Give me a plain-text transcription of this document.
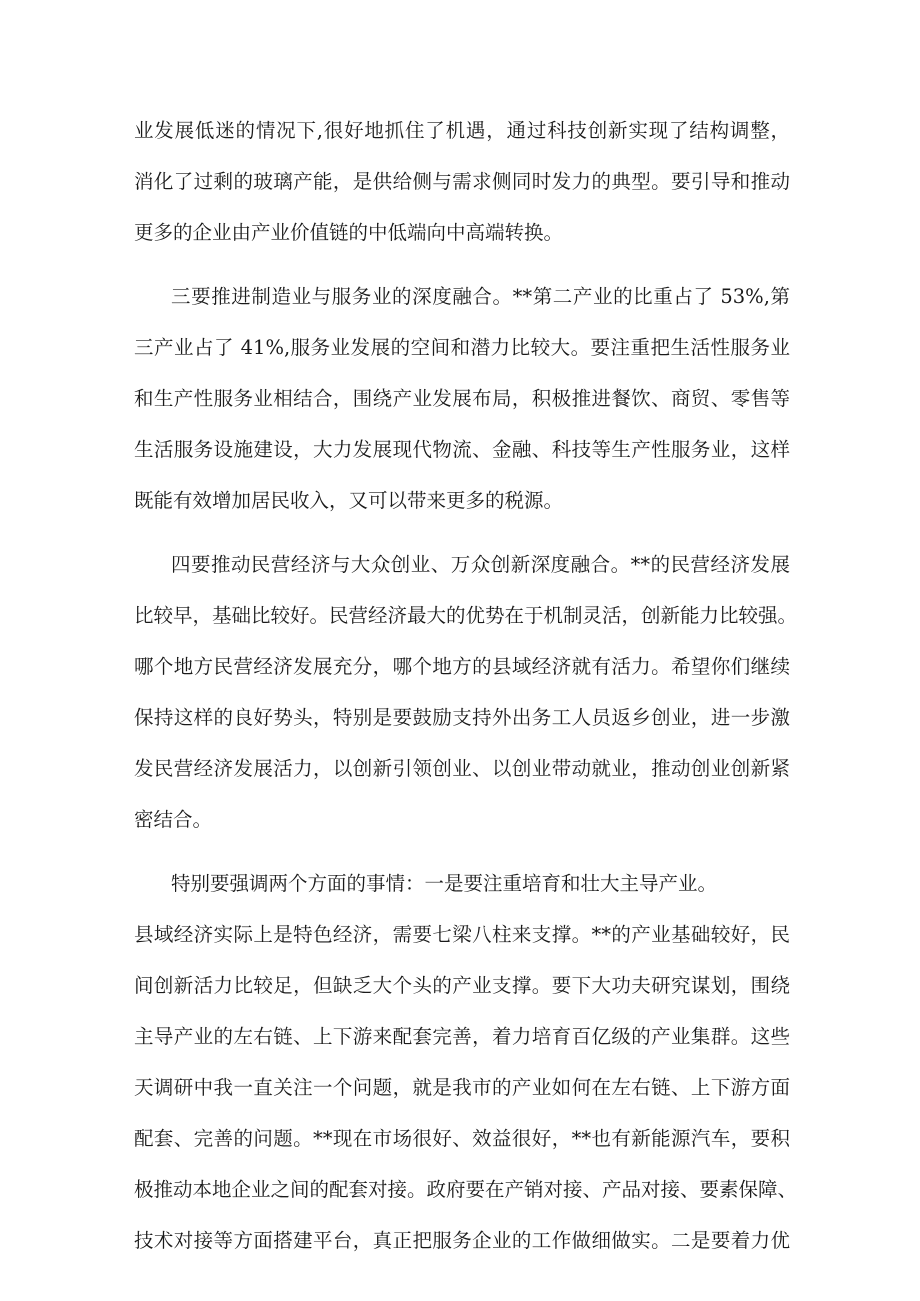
业发展低迷的情况下,很好地抓住了机遇，通过科技创新实现了结构调整，
消化了过剩的玻璃产能，是供给侧与需求侧同时发力的典型。要引导和推动
更多的企业由产业价值链的中低端向中高端转换。
三要推进制造业与服务业的深度融合。**第二产业的比重占了 53%,第
三产业占了 41%,服务业发展的空间和潜力比较大。要注重把生活性服务业
和生产性服务业相结合，围绕产业发展布局，积极推进餐饮、商贸、零售等
生活服务设施建设，大力发展现代物流、金融、科技等生产性服务业，这样
既能有效增加居民收入，又可以带来更多的税源。
四要推动民营经济与大众创业、万众创新深度融合。**的民营经济发展
比较早，基础比较好。民营经济最大的优势在于机制灵活，创新能力比较强。
哪个地方民营经济发展充分，哪个地方的县域经济就有活力。希望你们继续
保持这样的良好势头，特别是要鼓励支持外出务工人员返乡创业，进一步激
发民营经济发展活力，以创新引领创业、以创业带动就业，推动创业创新紧
密结合。
特别要强调两个方面的事情：一是要注重培育和壮大主导产业。
县域经济实际上是特色经济，需要七梁八柱来支撑。**的产业基础较好，民
间创新活力比较足，但缺乏大个头的产业支撑。要下大功夫研究谋划，围绕
主导产业的左右链、上下游来配套完善，着力培育百亿级的产业集群。这些
天调研中我一直关注一个问题，就是我市的产业如何在左右链、上下游方面
配套、完善的问题。**现在市场很好、效益很好，**也有新能源汽车，要积
极推动本地企业之间的配套对接。政府要在产销对接、产品对接、要素保障、
技术对接等方面搭建平台，真正把服务企业的工作做细做实。二是要着力优
